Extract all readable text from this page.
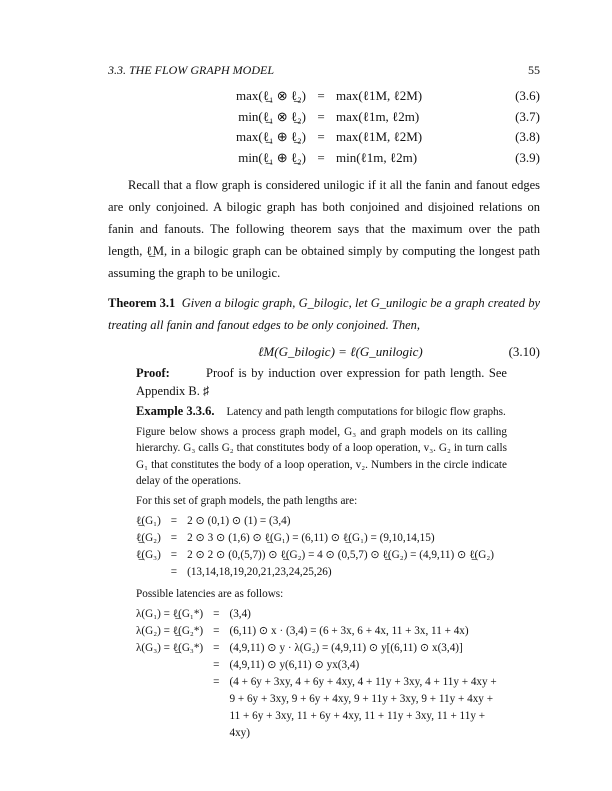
3.3. THE FLOW GRAPH MODEL	55
max(ℓ̲₁ ⊗ ℓ̲₂)	=	max(ℓ1M, ℓ2M)	(3.6)
min(ℓ̲₁ ⊗ ℓ̲₂)	=	max(ℓ1m, ℓ2m)	(3.7)
max(ℓ̲₁ ⊕ ℓ̲₂)	=	max(ℓ1M, ℓ2M)	(3.8)
min(ℓ̲₁ ⊕ ℓ̲₂)	=	min(ℓ1m, ℓ2m)	(3.9)
Recall that a flow graph is considered unilogic if it all the fanin and fanout edges are only conjoined. A bilogic graph has both conjoined and disjoined relations on fanin and fanouts. The following theorem says that the maximum over the path length, ℓ̲M, in a bilogic graph can be obtained simply by computing the longest path assuming the graph to be unilogic.
Theorem 3.1 Given a bilogic graph, G_bilogic, let G_unilogic be a graph created by treating all fanin and fanout edges to be only conjoined. Then,
ℓM(G_bilogic) = ℓ(G_unilogic)	(3.10)
Proof:	Proof is by induction over expression for path length. See Appendix B. ♯
Example 3.3.6. Latency and path length computations for bilogic flow graphs.
Figure below shows a process graph model, G₃ and graph models on its calling hierarchy. G₃ calls G₂ that constitutes body of a loop operation, v₃. G₂ in turn calls G₁ that constitutes the body of a loop operation, v₂. Numbers in the circle indicate delay of the operations.
For this set of graph models, the path lengths are:
ℓ̲(G₁)	=	2 ⊙ (0,1) ⊙ (1) = (3,4)
ℓ̲(G₂)	=	2 ⊙ 3 ⊙ (1,6) ⊙ ℓ̲(G₁) = (6,11) ⊙ ℓ̲(G₁) = (9,10,14,15)
ℓ̲(G₃)	=	2 ⊙ 2 ⊙ (0,(5,7)) ⊙ ℓ̲(G₂) = 4 ⊙ (0,5,7) ⊙ ℓ̲(G₂) = (4,9,11) ⊙ ℓ̲(G₂)
	=	(13,14,18,19,20,21,23,24,25,26)
Possible latencies are as follows:
λ(G₁) = ℓ̲(G₁*)	=	(3,4)
λ(G₂) = ℓ̲(G₂*)	=	(6,11) ⊙ x · (3,4) = (6 + 3x, 6 + 4x, 11 + 3x, 11 + 4x)
λ(G₃) = ℓ̲(G₃*)	=	(4,9,11) ⊙ y · λ(G₂) = (4,9,11) ⊙ y[(6,11) ⊙ x(3,4)]
	=	(4,9,11) ⊙ y(6,11) ⊙ yx(3,4)
	=	(4 + 6y + 3xy, 4 + 6y + 4xy, 4 + 11y + 3xy, 4 + 11y + 4xy +
		9 + 6y + 3xy, 9 + 6y + 4xy, 9 + 11y + 3xy, 9 + 11y + 4xy +
		11 + 6y + 3xy, 11 + 6y + 4xy, 11 + 11y + 3xy, 11 + 11y + 4xy)
